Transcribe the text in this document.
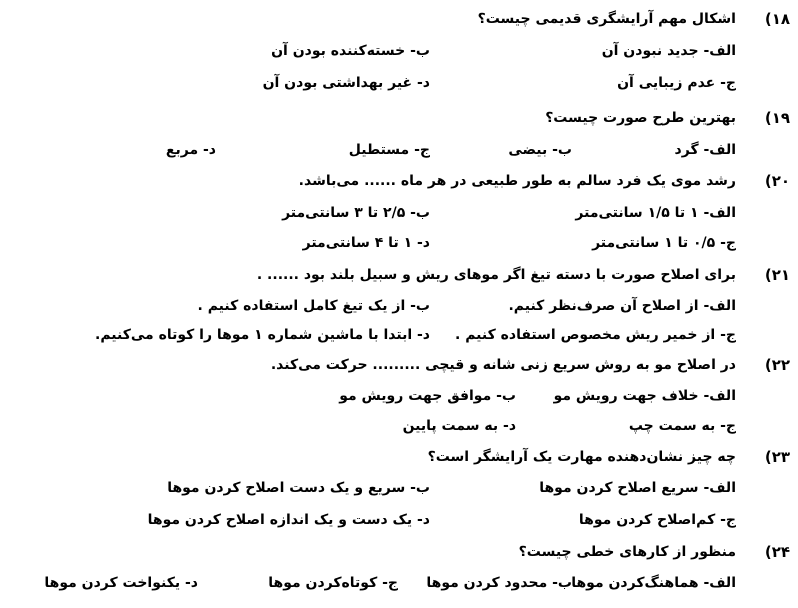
۱۸)
اشکال مهم آرایشگری قدیمی چیست؟
الف- جدید نبودن آن
ب- خسته‌کننده بودن آن
ج- عدم زیبایی آن
د- غیر بهداشتی بودن آن
۱۹)
بهترین طرح صورت چیست؟
الف- گرد
ب- بیضی
ج- مستطیل
د- مربع
۲۰)
رشد موی یک فرد سالم به طور طبیعی در هر ماه ...... می‌باشد.
الف- ۱ تا ۱/۵ سانتی‌متر
ب- ۲/۵ تا ۳ سانتی‌متر
ج- ۰/۵ تا ۱ سانتی‌متر
د- ۱ تا ۴ سانتی‌متر
۲۱)
برای اصلاح صورت با دسته تیغ اگر موهای ریش و سبیل بلند بود ...... .
الف- از اصلاح آن صرف‌نظر کنیم.
ب- از یک تیغ کامل استفاده کنیم .
ج- از خمیر ریش مخصوص استفاده کنیم .
د- ابتدا با ماشین شماره ۱ موها را کوتاه می‌کنیم.
۲۲)
در اصلاح مو به روش سریع زنی شانه و قیچی ......... حرکت می‌کند.
الف- خلاف جهت رویش مو
ب- موافق جهت رویش مو
ج- به سمت چپ
د- به سمت پایین
۲۳)
چه چیز نشان‌دهنده مهارت یک آرایشگر است؟
الف- سریع اصلاح کردن موها
ب- سریع و یک دست اصلاح کردن موها
ج- کم‌اصلاح کردن موها
د- یک دست و یک اندازه اصلاح کردن موها
۲۴)
منظور از کارهای خطی چیست؟
الف- هماهنگ‌کردن موها
ب- محدود کردن موها
ج- کوتاه‌کردن موها
د- یکنواخت کردن موها
